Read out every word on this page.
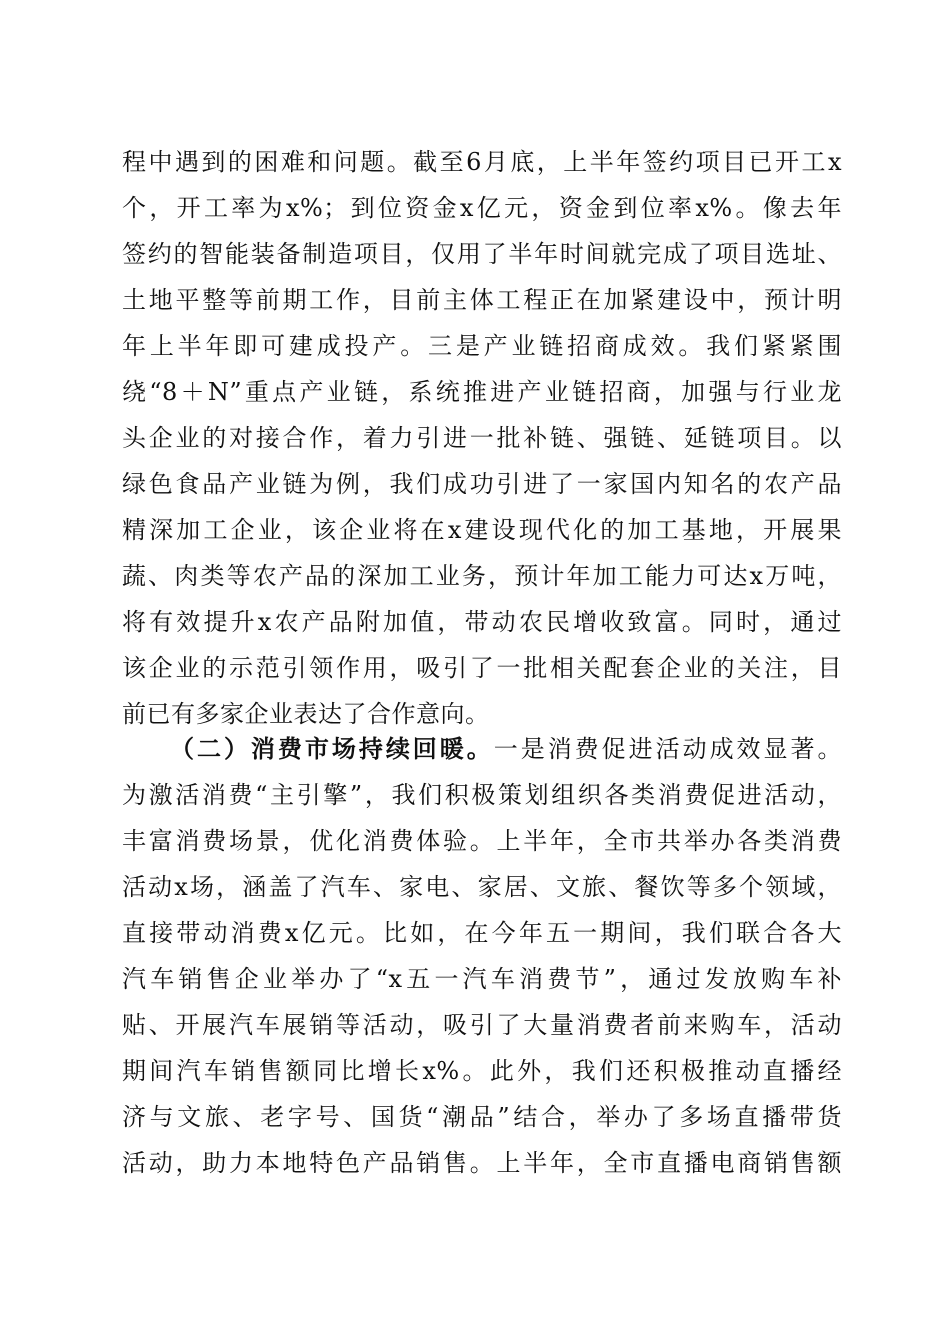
程中遇到的困难和问题。截至6月底，上半年签约项目已开工x
个，开工率为x%；到位资金x亿元，资金到位率x%。像去年
签约的智能装备制造项目，仅用了半年时间就完成了项目选址、
土地平整等前期工作，目前主体工程正在加紧建设中，预计明
年上半年即可建成投产。三是产业链招商成效。我们紧紧围
绕“8＋N”重点产业链，系统推进产业链招商，加强与行业龙
头企业的对接合作，着力引进一批补链、强链、延链项目。以
绿色食品产业链为例，我们成功引进了一家国内知名的农产品
精深加工企业，该企业将在x建设现代化的加工基地，开展果
蔬、肉类等农产品的深加工业务，预计年加工能力可达x万吨，
将有效提升x农产品附加值，带动农民增收致富。同时，通过
该企业的示范引领作用，吸引了一批相关配套企业的关注，目
前已有多家企业表达了合作意向。
（二）消费市场持续回暖。一是消费促进活动成效显著。
为激活消费“主引擎”，我们积极策划组织各类消费促进活动，
丰富消费场景，优化消费体验。上半年，全市共举办各类消费
活动x场，涵盖了汽车、家电、家居、文旅、餐饮等多个领域，
直接带动消费x亿元。比如，在今年五一期间，我们联合各大
汽车销售企业举办了“x五一汽车消费节”，通过发放购车补
贴、开展汽车展销等活动，吸引了大量消费者前来购车，活动
期间汽车销售额同比增长x%。此外，我们还积极推动直播经
济与文旅、老字号、国货“潮品”结合，举办了多场直播带货
活动，助力本地特色产品销售。上半年，全市直播电商销售额
